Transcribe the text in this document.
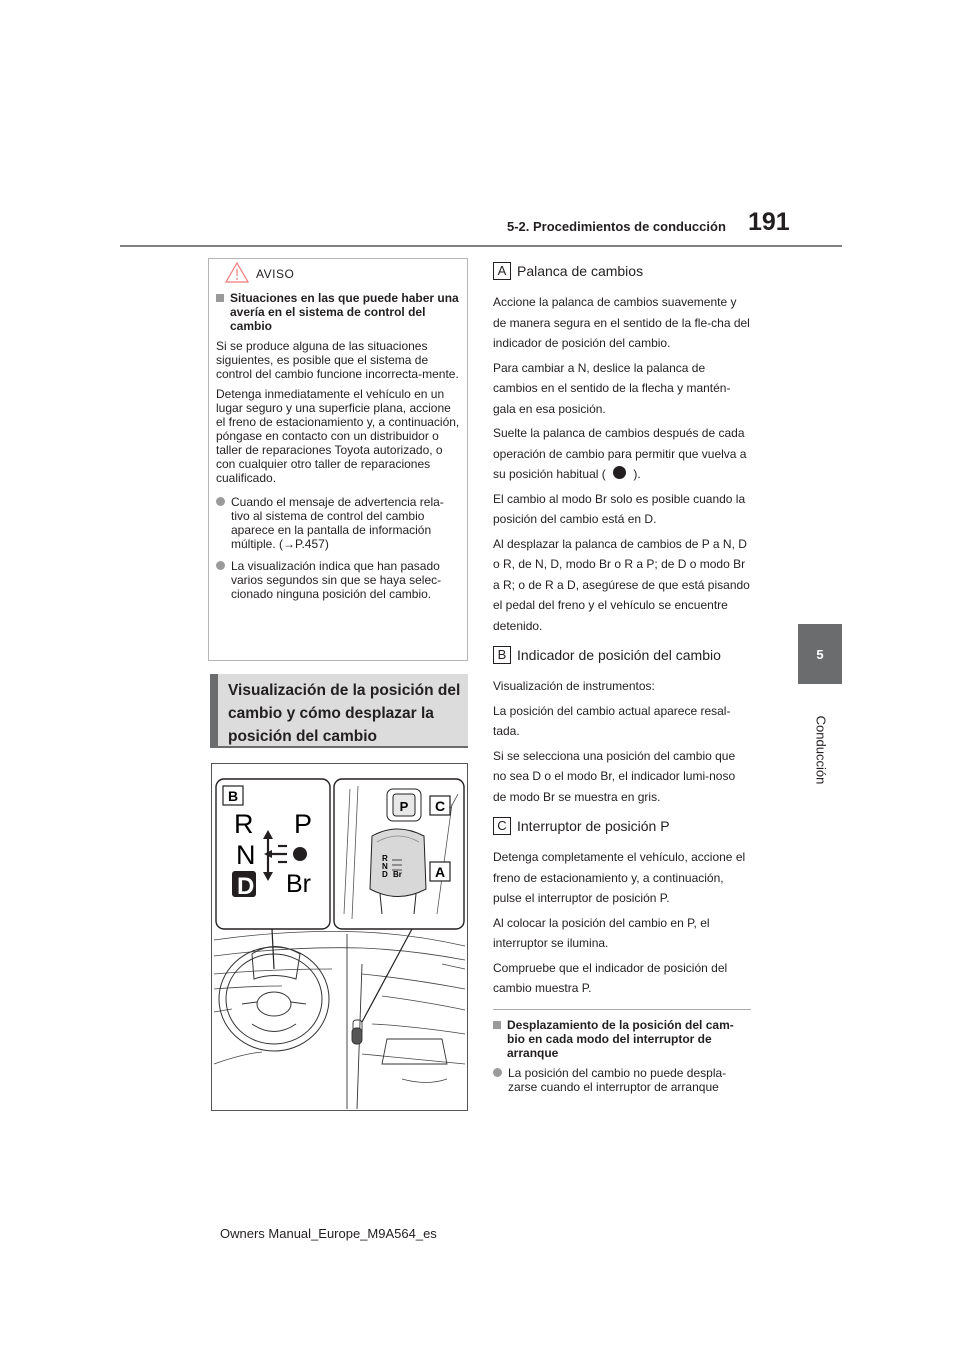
5-2. Procedimientos de conducción 191
5
Conducción
AVISO
Situaciones en las que puede haber una avería en el sistema de control del cambio

Si se produce alguna de las situaciones siguientes, es posible que el sistema de control del cambio funcione incorrecta-mente.

Detenga inmediatamente el vehículo en un lugar seguro y una superficie plana, accione el freno de estacionamiento y, a continuación, póngase en contacto con un distribuidor o taller de reparaciones Toyota autorizado, o con cualquier otro taller de reparaciones cualificado.

Cuando el mensaje de advertencia rela-tivo al sistema de control del cambio aparece en la pantalla de información múltiple. (→P.457)
La visualización indica que han pasado varios segundos sin que se haya selec-cionado ninguna posición del cambio.
Visualización de la posición del cambio y cómo desplazar la posición del cambio
B
R
N
D
P
Br
P C
R
N
D Br A
A Palanca de cambios

Accione la palanca de cambios suavemente y de manera segura en el sentido de la fle-cha del indicador de posición del cambio.

Para cambiar a N, deslice la palanca de cambios en el sentido de la flecha y mantén-gala en esa posición.

Suelte la palanca de cambios después de cada operación de cambio para permitir que vuelva a su posición habitual ( ).

El cambio al modo Br solo es posible cuando la posición del cambio está en D.

Al desplazar la palanca de cambios de P a N, D o R, de N, D, modo Br o R a P; de D o modo Br a R; o de R a D, asegúrese de que está pisando el pedal del freno y el vehículo se encuentre detenido.

B Indicador de posición del cambio

Visualización de instrumentos:

La posición del cambio actual aparece resal-tada.

Si se selecciona una posición del cambio que no sea D o el modo Br, el indicador lumi-noso de modo Br se muestra en gris.

C Interruptor de posición P

Detenga completamente el vehículo, accione el freno de estacionamiento y, a continuación, pulse el interruptor de posición P.

Al colocar la posición del cambio en P, el interruptor se ilumina.

Compruebe que el indicador de posición del cambio muestra P.

Desplazamiento de la posición del cam-bio en cada modo del interruptor de arranque
La posición del cambio no puede despla-zarse cuando el interruptor de arranque
Owners Manual_Europe_M9A564_es
